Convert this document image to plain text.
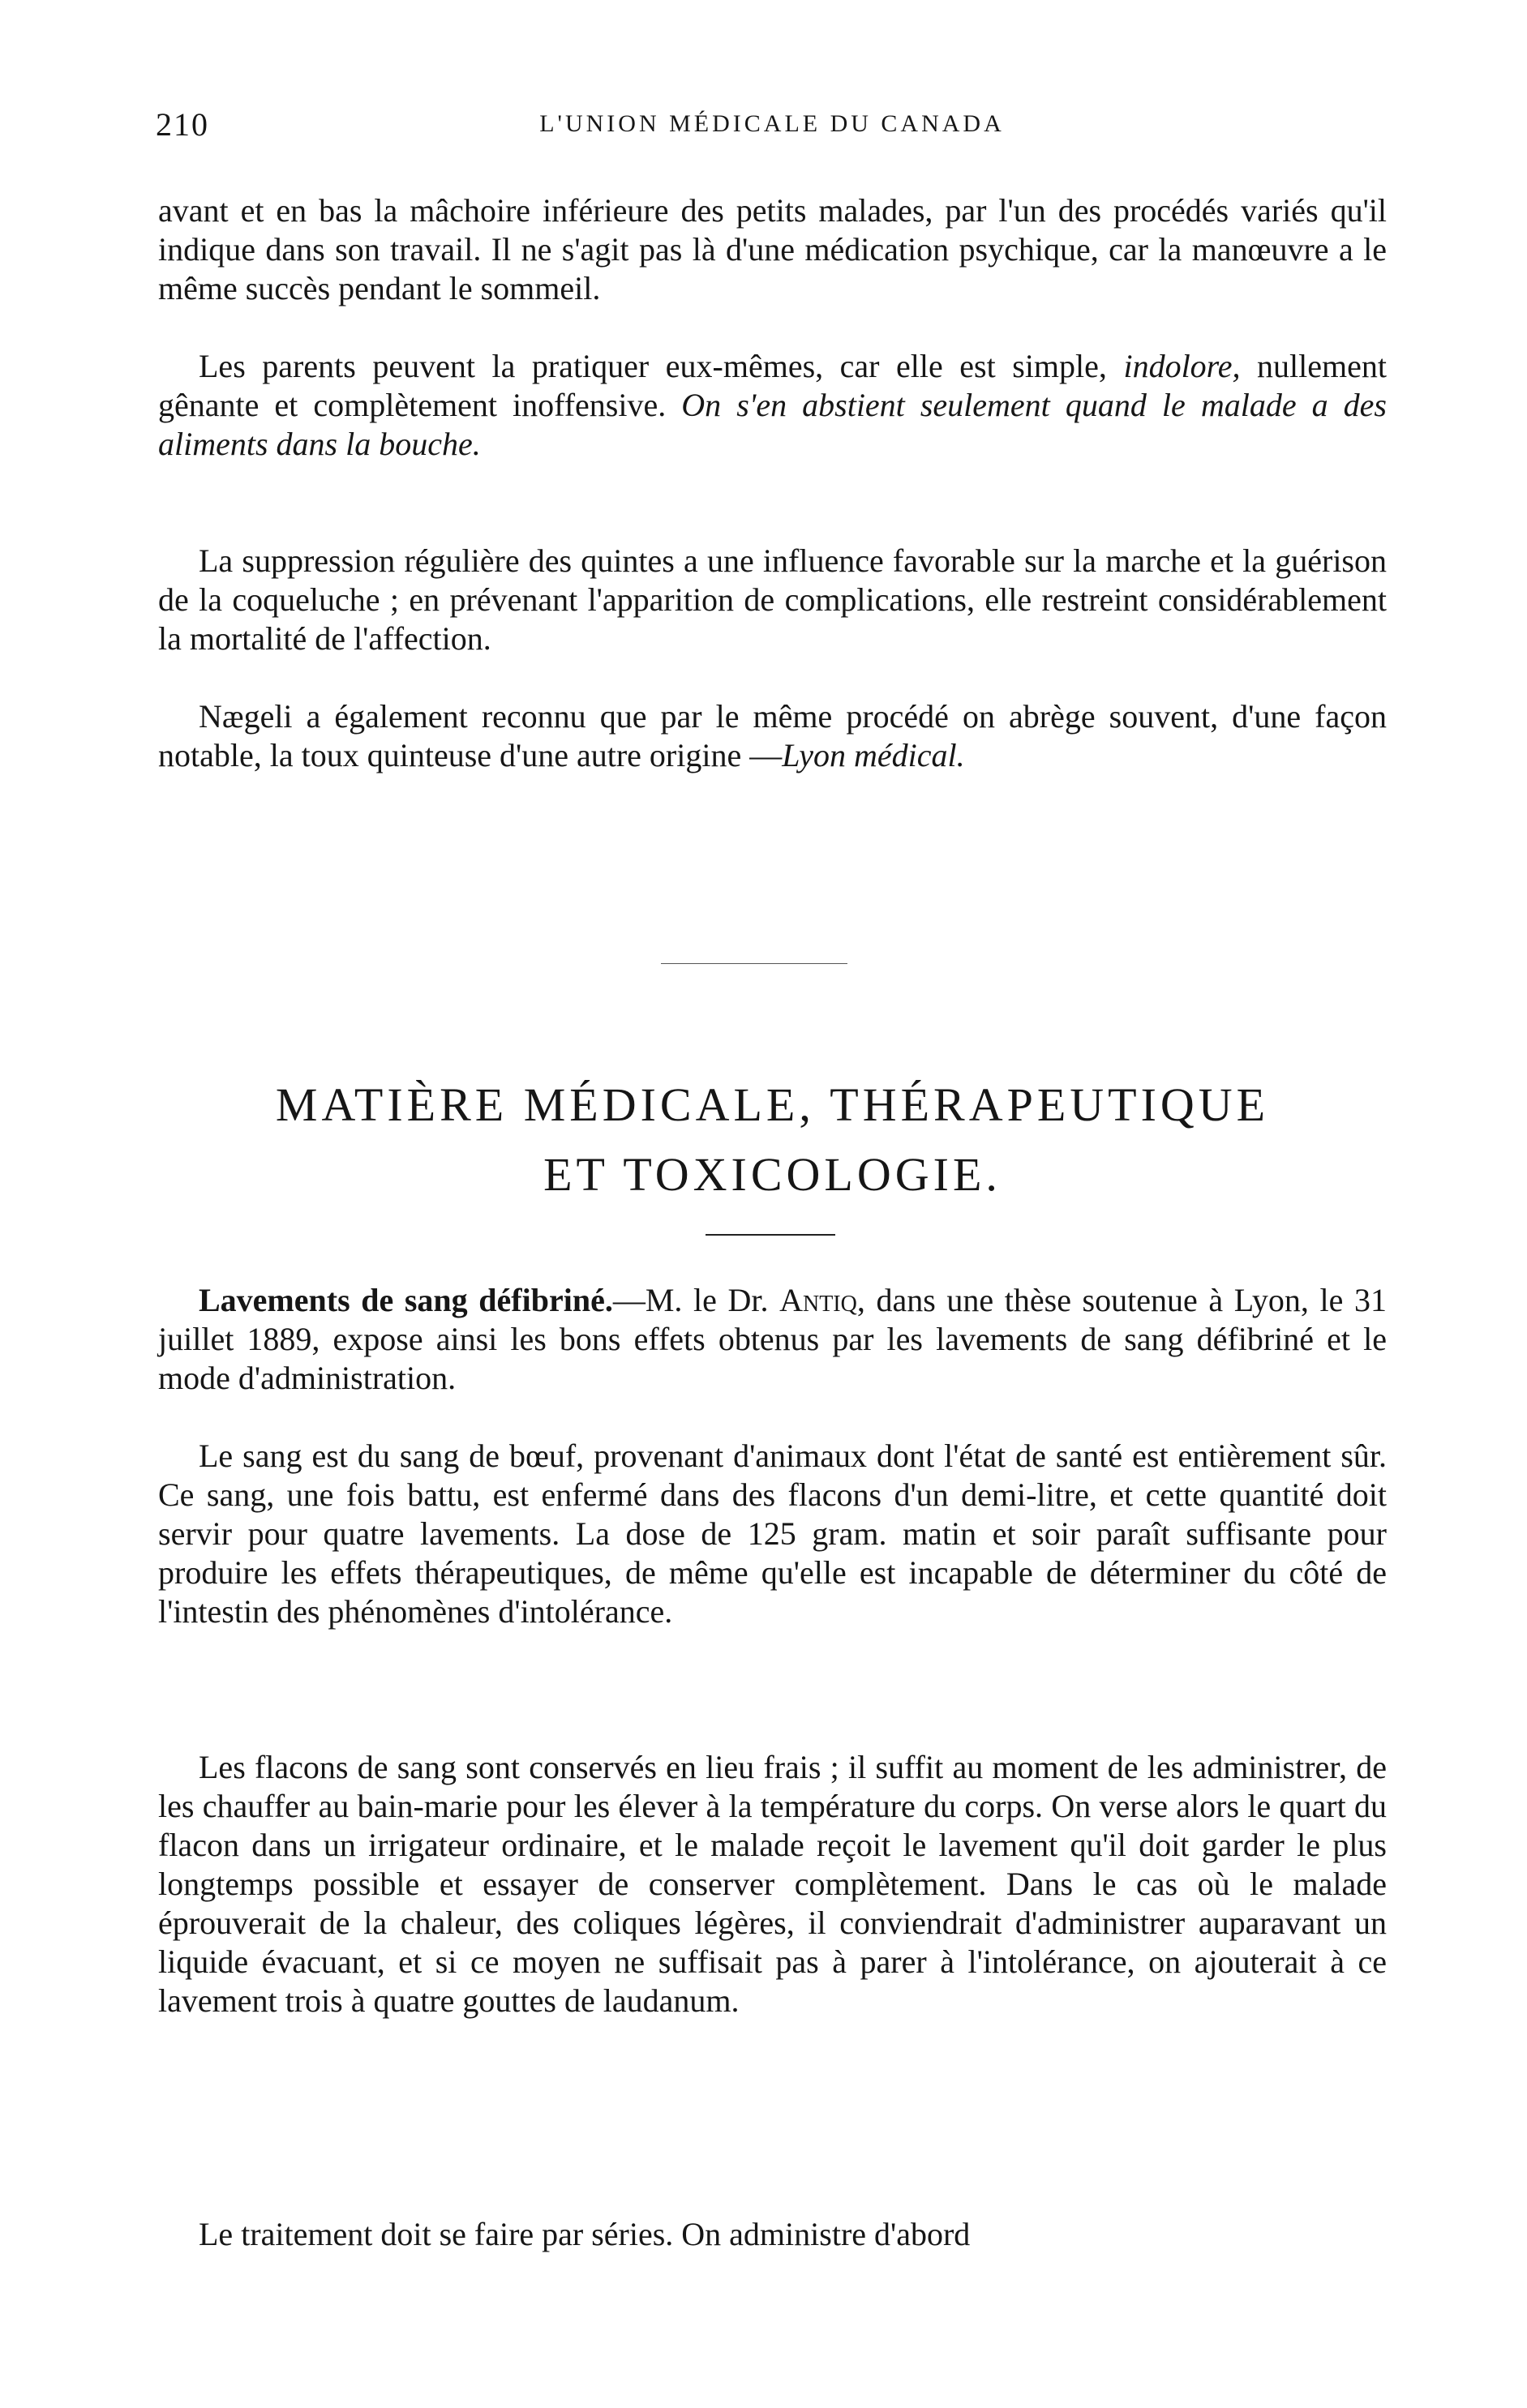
210	L'UNION MÉDICALE DU CANADA

avant et en bas la mâchoire inférieure des petits malades, par l'un des procédés variés qu'il indique dans son travail. Il ne s'agit pas là d'une médication psychique, car la manœuvre a le même succès pendant le sommeil.

Les parents peuvent la pratiquer eux-mêmes, car elle est simple, indolore, nullement gênante et complètement inoffensive. On s'en abstient seulement quand le malade a des aliments dans la bouche.

La suppression régulière des quintes a une influence favorable sur la marche et la guérison de la coqueluche ; en prévenant l'apparition de complications, elle restreint considérablement la mortalité de l'affection.

Nægeli a également reconnu que par le même procédé on abrège souvent, d'une façon notable, la toux quinteuse d'une autre origine —Lyon médical.

MATIÈRE MÉDICALE, THÉRAPEUTIQUE
ET TOXICOLOGIE.

Lavements de sang défibriné.—M. le Dr. Antiq, dans une thèse soutenue à Lyon, le 31 juillet 1889, expose ainsi les bons effets obtenus par les lavements de sang défibriné et le mode d'administration.

Le sang est du sang de bœuf, provenant d'animaux dont l'état de santé est entièrement sûr. Ce sang, une fois battu, est enfermé dans des flacons d'un demi-litre, et cette quantité doit servir pour quatre lavements. La dose de 125 gram. matin et soir paraît suffisante pour produire les effets thérapeutiques, de même qu'elle est incapable de déterminer du côté de l'intestin des phénomènes d'intolérance.

Les flacons de sang sont conservés en lieu frais ; il suffit au moment de les administrer, de les chauffer au bain-marie pour les élever à la température du corps. On verse alors le quart du flacon dans un irrigateur ordinaire, et le malade reçoit le lavement qu'il doit garder le plus longtemps possible et essayer de conserver complètement. Dans le cas où le malade éprouverait de la chaleur, des coliques légères, il conviendrait d'administrer auparavant un liquide évacuant, et si ce moyen ne suffisait pas à parer à l'intolérance, on ajouterait à ce lavement trois à quatre gouttes de laudanum.

Le traitement doit se faire par séries. On administre d'abord
